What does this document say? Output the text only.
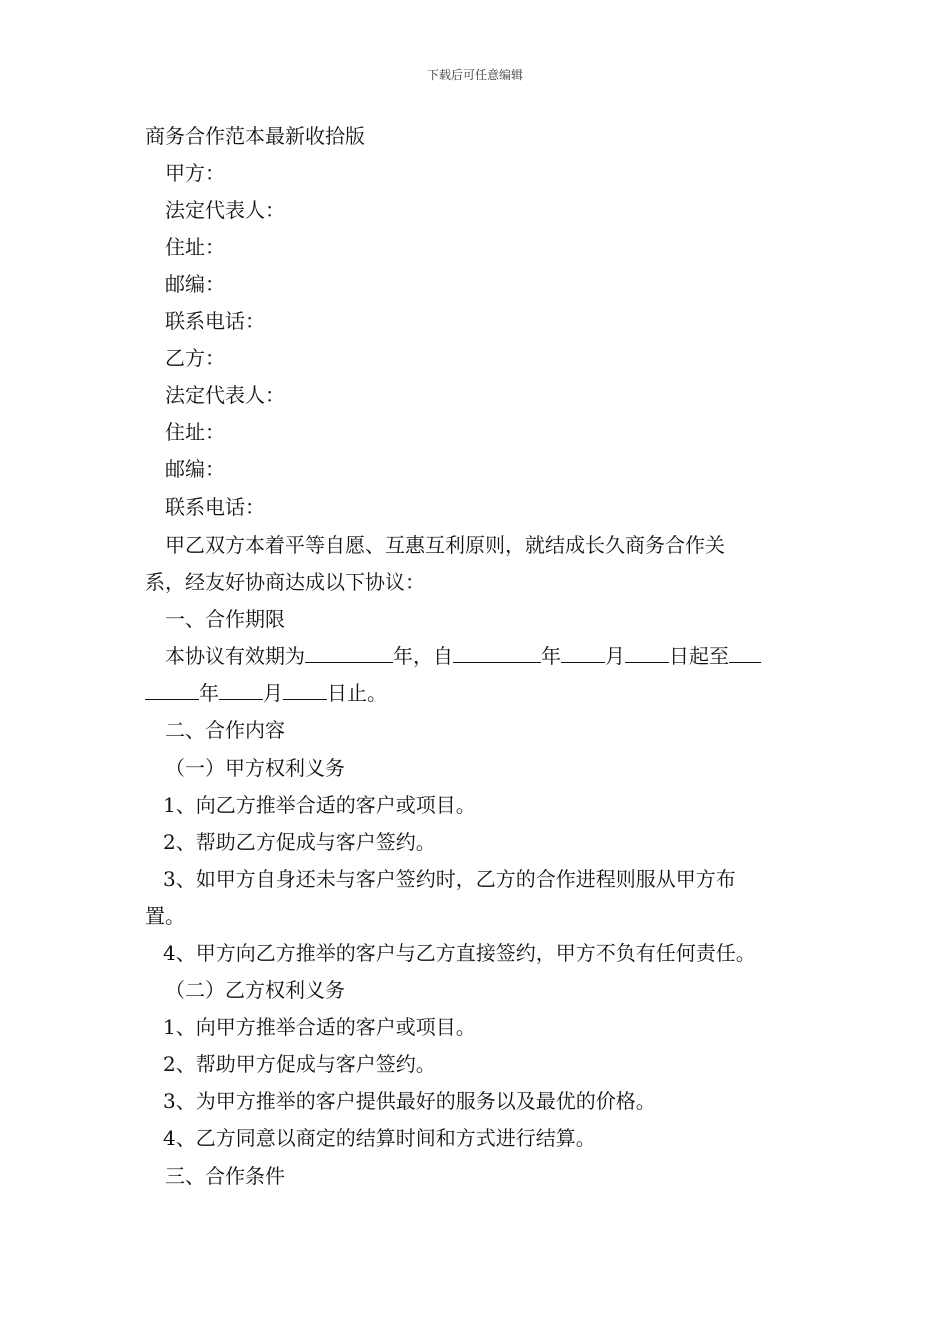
下载后可任意编辑
商务合作范本最新收拾版
甲方：
法定代表人：
住址：
邮编：
联系电话：
乙方：
法定代表人：
住址：
邮编：
联系电话：
甲乙双方本着平等自愿、互惠互利原则，就结成长久商务合作关
系，经友好协商达成以下协议：
一、合作期限
本协议有效期为	年，自	年 月 日起至
年 月 日止。
二、合作内容
（一）甲方权利义务
1、向乙方推举合适的客户或项目。
2、帮助乙方促成与客户签约。
3、如甲方自身还未与客户签约时，乙方的合作进程则服从甲方布
置。
4、甲方向乙方推举的客户与乙方直接签约，甲方不负有任何责任。
（二）乙方权利义务
1、向甲方推举合适的客户或项目。
2、帮助甲方促成与客户签约。
3、为甲方推举的客户提供最好的服务以及最优的价格。
4、乙方同意以商定的结算时间和方式进行结算。
三、合作条件
